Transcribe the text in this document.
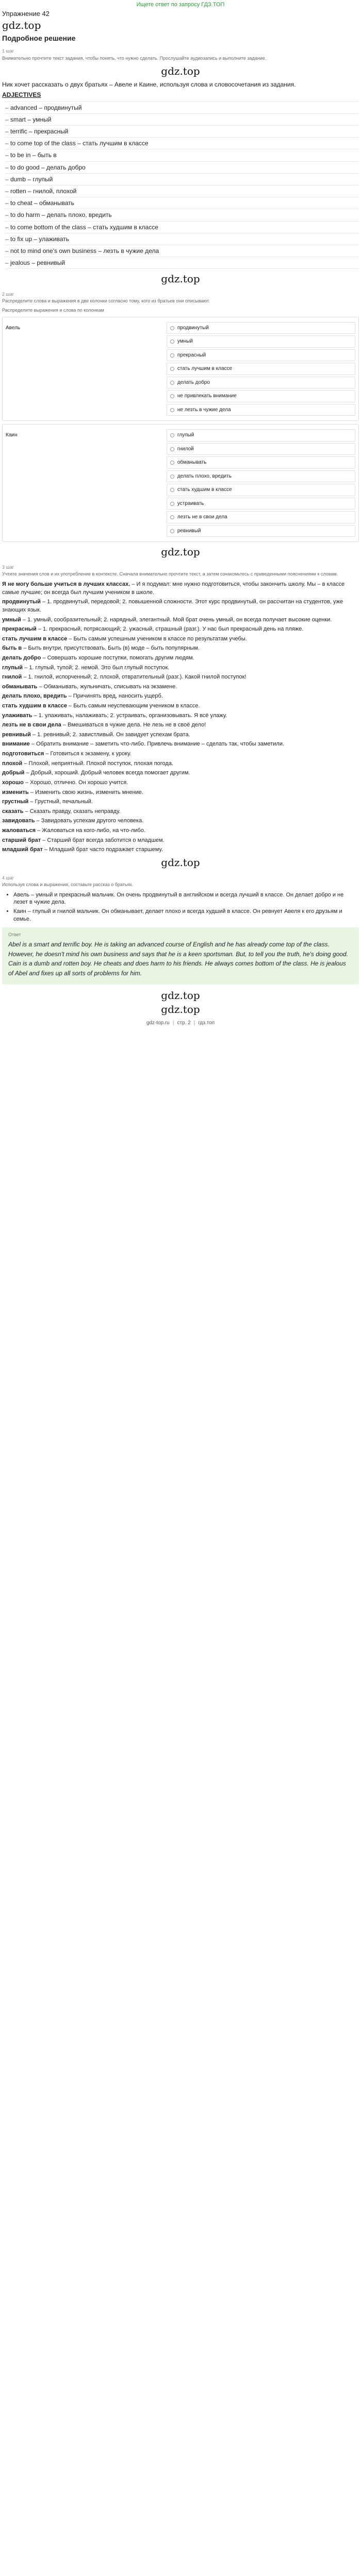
Ищете ответ по запросу ГДЗ.ТОП
Упражнение 42
gdz.top
Подробное решение
1 шаг
Внимательно прочтите текст задания, чтобы понять, что нужно сделать. Прослушайте аудиозапись и выполните задание.
gdz.top

Ник хочет рассказать о двух братьях – Авеле и Каине, используя слова и словосочетания из задания.

ADJECTIVES

– advanced – продвинутый
– smart – умный
– terrific – прекрасный
– to come top of the class – стать лучшим в классе
– to be in – быть в
– to do good – делать добро
– dumb – глупый
– rotten – гнилой, плохой
– to cheat – обманывать
– to do harm – делать плохо, вредить
– to come bottom of the class – стать худшим в классе
– to fix up – улаживать
– not to mind one's own business – лезть в чужие дела
– jealous – ревнивый
gdz.top
2 шаг
Распределите слова и выражения в две колонки согласно тому, кого из братьев они описывают.
Распределите выражения и слова по колонкам
Авель	продвинутый
умный
прекрасный
стать лучшим в классе
делать добро
не привлекать внимание
не лезть в чужие дела
Каин	глупый
гнилой
обманывать
делать плохо, вредить
стать худшим в классе
устраивать
лезть не в свои дела
ревнивый
gdz.top
3 шаг
Учтите значения слов и их употребление в контексте. Сначала внимательно прочтите текст, а затем ознакомьтесь с приведенными пояснениями к словам.

Я не могу больше учиться в лучших классах. – И я подумал: мне нужно подготовиться, чтобы закончить школу. Мы – в классе самые лучшие; он всегда был лучшим учеником в школе.

продвинутый – 1. продвинутый, передовой; 2. повышенной сложности. Этот курс продвинутый, он рассчитан на студентов, уже знающих язык.

умный – 1. умный, сообразительный; 2. нарядный, элегантный. Мой брат очень умный, он всегда получает высокие оценки.

прекрасный – 1. прекрасный, потрясающий; 2. ужасный, страшный (разг.). У нас был прекрасный день на пляже.

стать лучшим в классе – Быть самым успешным учеником в классе по результатам учебы.

быть в – Быть внутри, присутствовать. Быть (в) моде – быть популярным.

делать добро – Совершать хорошие поступки, помогать другим людям.

глупый – 1. глупый, тупой; 2. немой. Это был глупый поступок.

гнилой – 1. гнилой, испорченный; 2. плохой, отвратительный (разг.). Какой гнилой поступок!

обманывать – Обманывать, жульничать, списывать на экзамене.

делать плохо, вредить – Причинять вред, наносить ущерб.

стать худшим в классе – Быть самым неуспевающим учеником в классе.

улаживать – 1. улаживать, налаживать; 2. устраивать, организовывать. Я всё улажу.

лезть не в свои дела – Вмешиваться в чужие дела. Не лезь не в своё дело!

ревнивый – 1. ревнивый; 2. завистливый. Он завидует успехам брата.

внимание – Обратить внимание – заметить что-либо. Привлечь внимание – сделать так, чтобы заметили.

подготовиться – Готовиться к экзамену, к уроку.

плохой – Плохой, неприятный. Плохой поступок, плохая погода.

добрый – Добрый, хороший. Добрый человек всегда помогает другим.

хорошо – Хорошо, отлично. Он хорошо учится.

изменить – Изменить свою жизнь, изменить мнение.

грустный – Грустный, печальный.

сказать – Сказать правду, сказать неправду.

завидовать – Завидовать успехам другого человека.

жаловаться – Жаловаться на кого-либо, на что-либо.

старший брат – Старший брат всегда заботится о младшем.

младший брат – Младший брат часто подражает старшему.

gdz.top
4 шаг
Используя слова и выражения, составьте рассказ о братьях.
• Авель – умный и прекрасный мальчик. Он очень продвинутый в английском и всегда лучший в классе. Он делает добро и не лезет в чужие дела.
• Каин – глупый и гнилой мальчик. Он обманывает, делает плохо и всегда худший в классе. Он ревнует Авеля к его друзьям и семье.
Ответ

Abel is a smart and terrific boy. He is taking an advanced course of English and he has already come top of the class. However, he doesn't mind his own business and says that he is a keen sportsman. But, to tell you the truth, he's doing good. Cain is a dumb and rotten boy. He cheats and does harm to his friends. He always comes bottom of the class. He is jealous of Abel and fixes up all sorts of problems for him.

gdz.top
gdz.top
gdz-top.ru | стр. 2 | гдз.топ
